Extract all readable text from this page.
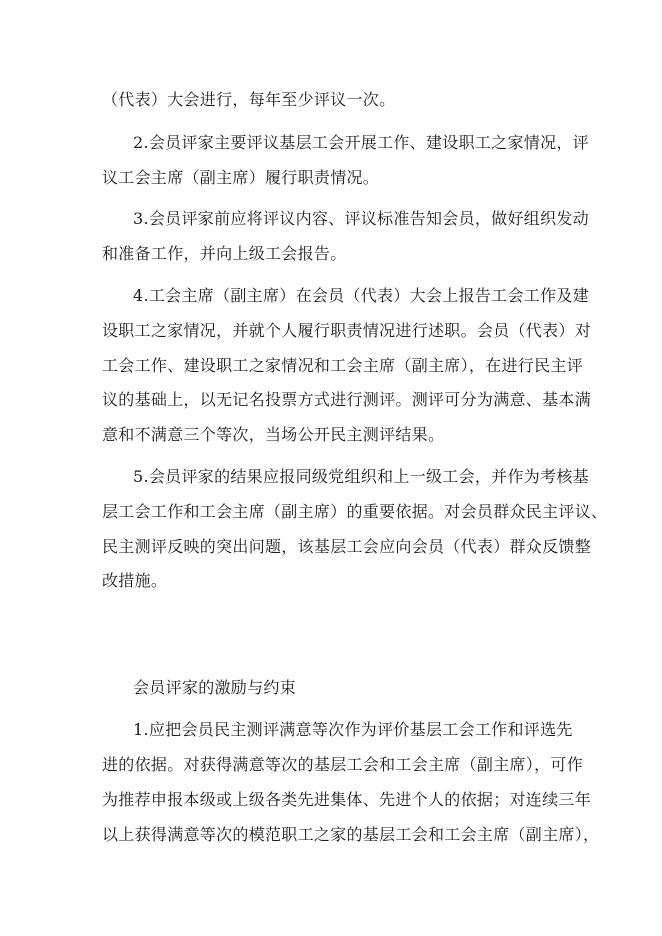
（代表）大会进行，每年至少评议一次。
2.会员评家主要评议基层工会开展工作、建设职工之家情况，评
议工会主席（副主席）履行职责情况。
3.会员评家前应将评议内容、评议标准告知会员，做好组织发动
和准备工作，并向上级工会报告。
4.工会主席（副主席）在会员（代表）大会上报告工会工作及建
设职工之家情况，并就个人履行职责情况进行述职。会员（代表）对
工会工作、建设职工之家情况和工会主席（副主席），在进行民主评
议的基础上，以无记名投票方式进行测评。测评可分为满意、基本满
意和不满意三个等次，当场公开民主测评结果。
5.会员评家的结果应报同级党组织和上一级工会，并作为考核基
层工会工作和工会主席（副主席）的重要依据。对会员群众民主评议、
民主测评反映的突出问题，该基层工会应向会员（代表）群众反馈整
改措施。
会员评家的激励与约束
1.应把会员民主测评满意等次作为评价基层工会工作和评选先
进的依据。对获得满意等次的基层工会和工会主席（副主席），可作
为推荐申报本级或上级各类先进集体、先进个人的依据；对连续三年
以上获得满意等次的模范职工之家的基层工会和工会主席（副主席），
